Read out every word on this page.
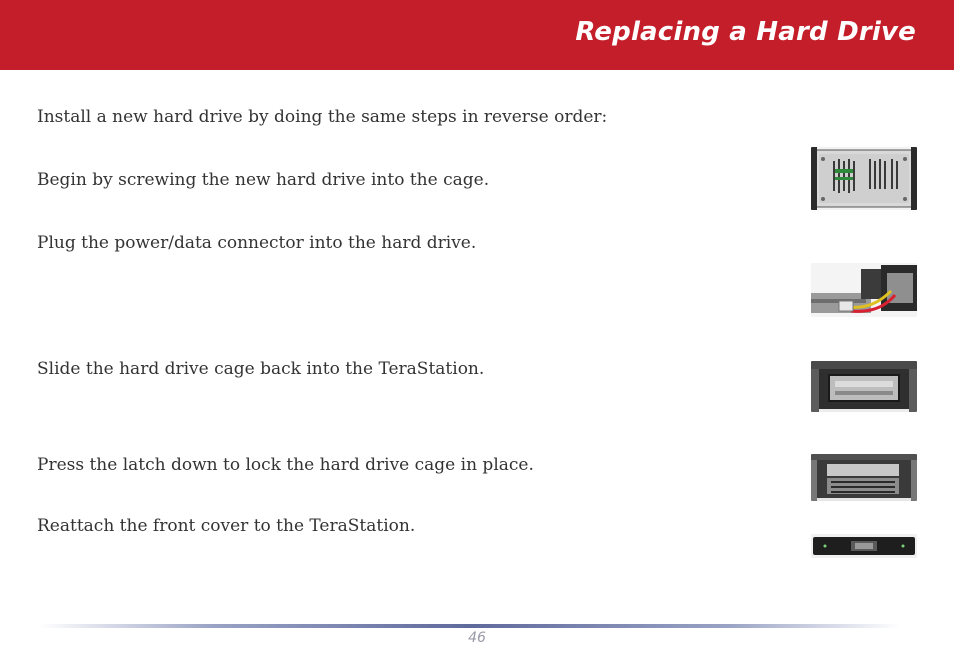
Replacing a Hard Drive
Install a new hard drive by doing the same steps in reverse order:
Begin by screwing the new hard drive into the cage.
Plug the power/data connector into the hard drive.
Slide the hard drive cage back into the TeraStation.
Press the latch down to lock the hard drive cage in place.
Reattach the front cover to the TeraStation.
46
